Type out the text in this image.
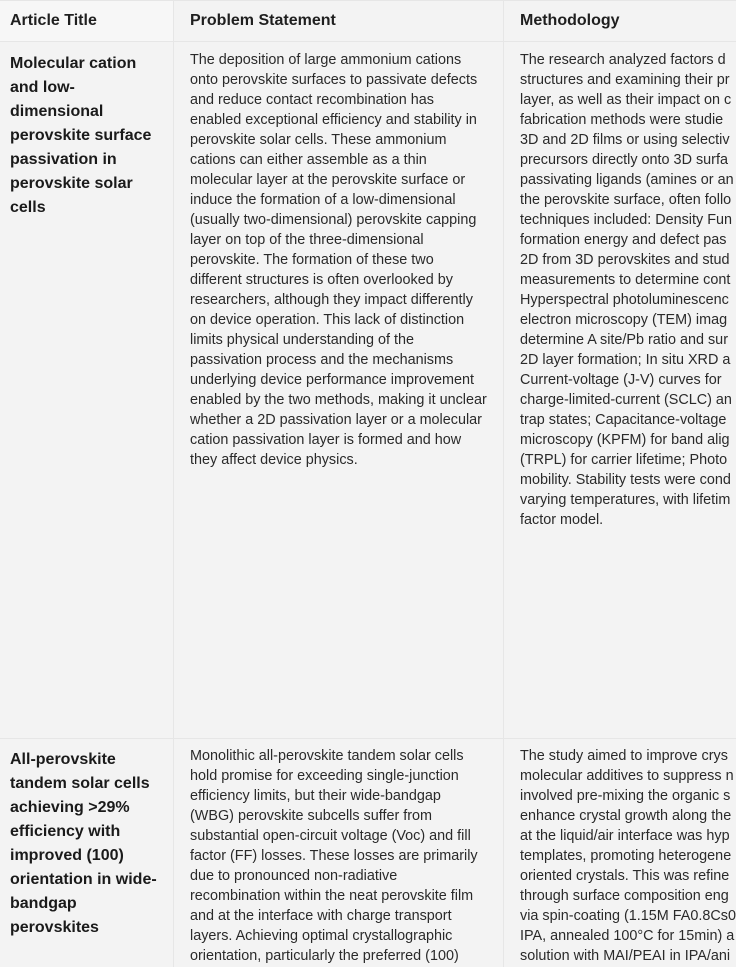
Article Title	Problem Statement	Methodology
Molecular cation and low-dimensional perovskite surface passivation in perovskite solar cells
The deposition of large ammonium cations onto perovskite surfaces to passivate defects and reduce contact recombination has enabled exceptional efficiency and stability in perovskite solar cells. These ammonium cations can either assemble as a thin molecular layer at the perovskite surface or induce the formation of a low-dimensional (usually two-dimensional) perovskite capping layer on top of the three-dimensional perovskite. The formation of these two different structures is often overlooked by researchers, although they impact differently on device operation. This lack of distinction limits physical understanding of the passivation process and the mechanisms underlying device performance improvement enabled by the two methods, making it unclear whether a 2D passivation layer or a molecular cation passivation layer is formed and how they affect device physics.
The research analyzed factors d
structures and examining their pr
layer, as well as their impact on c
fabrication methods were studie
3D and 2D films or using selectiv
precursors directly onto 3D surfa
passivating ligands (amines or an
the perovskite surface, often follo
techniques included: Density Fun
formation energy and defect pas
2D from 3D perovskites and stud
measurements to determine cont
Hyperspectral photoluminescenc
electron microscopy (TEM) imag
determine A site/Pb ratio and sur
2D layer formation; In situ XRD a
Current-voltage (J-V) curves for
charge-limited-current (SCLC) an
trap states; Capacitance-voltage
microscopy (KPFM) for band alig
(TRPL) for carrier lifetime; Photo
mobility. Stability tests were cond
varying temperatures, with lifetim
factor model.
All-perovskite tandem solar cells achieving >29% efficiency with improved (100) orientation in wide-bandgap perovskites
Monolithic all-perovskite tandem solar cells hold promise for exceeding single-junction efficiency limits, but their wide-bandgap (WBG) perovskite subcells suffer from substantial open-circuit voltage (Voc) and fill factor (FF) losses. These losses are primarily due to pronounced non-radiative recombination within the neat perovskite film and at the interface with charge transport layers. Achieving optimal crystallographic orientation, particularly the preferred (100)
The study aimed to improve crys
molecular additives to suppress n
involved pre-mixing the organic s
enhance crystal growth along the
at the liquid/air interface was hyp
templates, promoting heterogene
oriented crystals. This was refine
through surface composition eng
via spin-coating (1.15M FA0.8Cs0
IPA, annealed 100°C for 15min) a
solution with MAI/PEAI in IPA/ani
